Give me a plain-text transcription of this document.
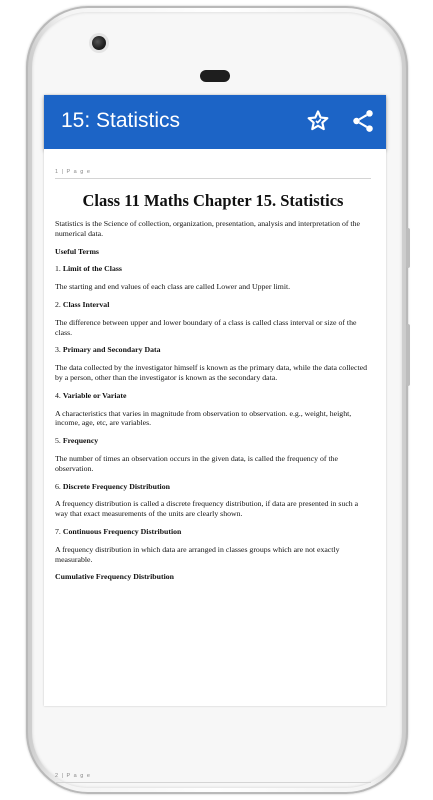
15: Statistics
1 | P a g e
Class 11 Maths Chapter 15. Statistics
Statistics is the Science of collection, organization, presentation, analysis and interpretation of the numerical data.
Useful Terms
1. Limit of the Class
The starting and end values of each class are called Lower and Upper limit.
2. Class Interval
The difference between upper and lower boundary of a class is called class interval or size of the class.
3. Primary and Secondary Data
The data collected by the investigator himself is known as the primary data, while the data collected by a person, other than the investigator is known as the secondary data.
4. Variable or Variate
A characteristics that varies in magnitude from observation to observation. e.g., weight, height, income, age, etc, are variables.
5. Frequency
The number of times an observation occurs in the given data, is called the frequency of the observation.
6. Discrete Frequency Distribution
A frequency distribution is called a discrete frequency distribution, if data are presented in such a way that exact measurements of the units are clearly shown.
7. Continuous Frequency Distribution
A frequency distribution in which data are arranged in classes groups which are not exactly measurable.
Cumulative Frequency Distribution
2 | P a g e
